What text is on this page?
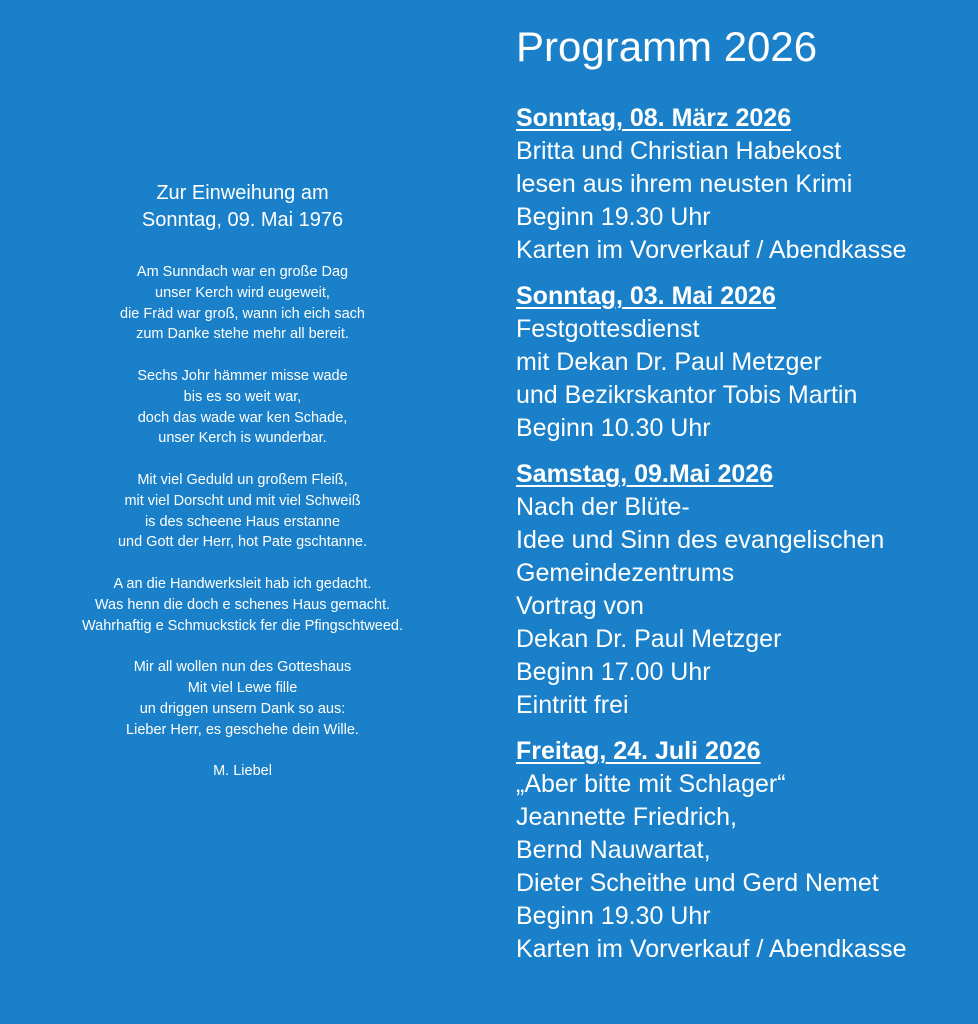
Zur Einweihung am
Sonntag, 09. Mai 1976
Am Sunndach war en große Dag
unser Kerch wird eugeweit,
die Fräd war groß, wann ich eich sach
zum Danke stehe mehr all bereit.
Sechs Johr hämmer misse wade
bis es so weit war,
doch das wade war ken Schade,
unser Kerch is wunderbar.
Mit viel Geduld un großem Fleiß,
mit viel Dorscht und mit viel Schweiß
is des scheene Haus erstanne
und Gott der Herr, hot Pate gschtanne.
A an die Handwerksleit hab ich gedacht.
Was henn die doch e schenes Haus gemacht.
Wahrhaftig e Schmuckstick fer die Pfingschtweed.
Mir all wollen nun des Gotteshaus
Mit viel Lewe fille
un driggen unsern Dank so aus:
Lieber Herr, es geschehe dein Wille.
M. Liebel
Programm 2026
Sonntag, 08. März 2026
Britta und Christian Habekost
lesen aus ihrem neusten Krimi
Beginn 19.30 Uhr
Karten im Vorverkauf / Abendkasse
Sonntag, 03. Mai 2026
Festgottesdienst
mit Dekan Dr. Paul Metzger
und Bezikrskantor Tobis Martin
Beginn 10.30 Uhr
Samstag, 09.Mai 2026
Nach der Blüte-
Idee und Sinn des evangelischen
Gemeindezentrums
Vortrag von
Dekan Dr. Paul Metzger
Beginn 17.00 Uhr
Eintritt frei
Freitag, 24. Juli 2026
„Aber bitte mit Schlager“
Jeannette Friedrich,
Bernd Nauwartat,
Dieter Scheithe und Gerd Nemet
Beginn 19.30 Uhr
Karten im Vorverkauf / Abendkasse
